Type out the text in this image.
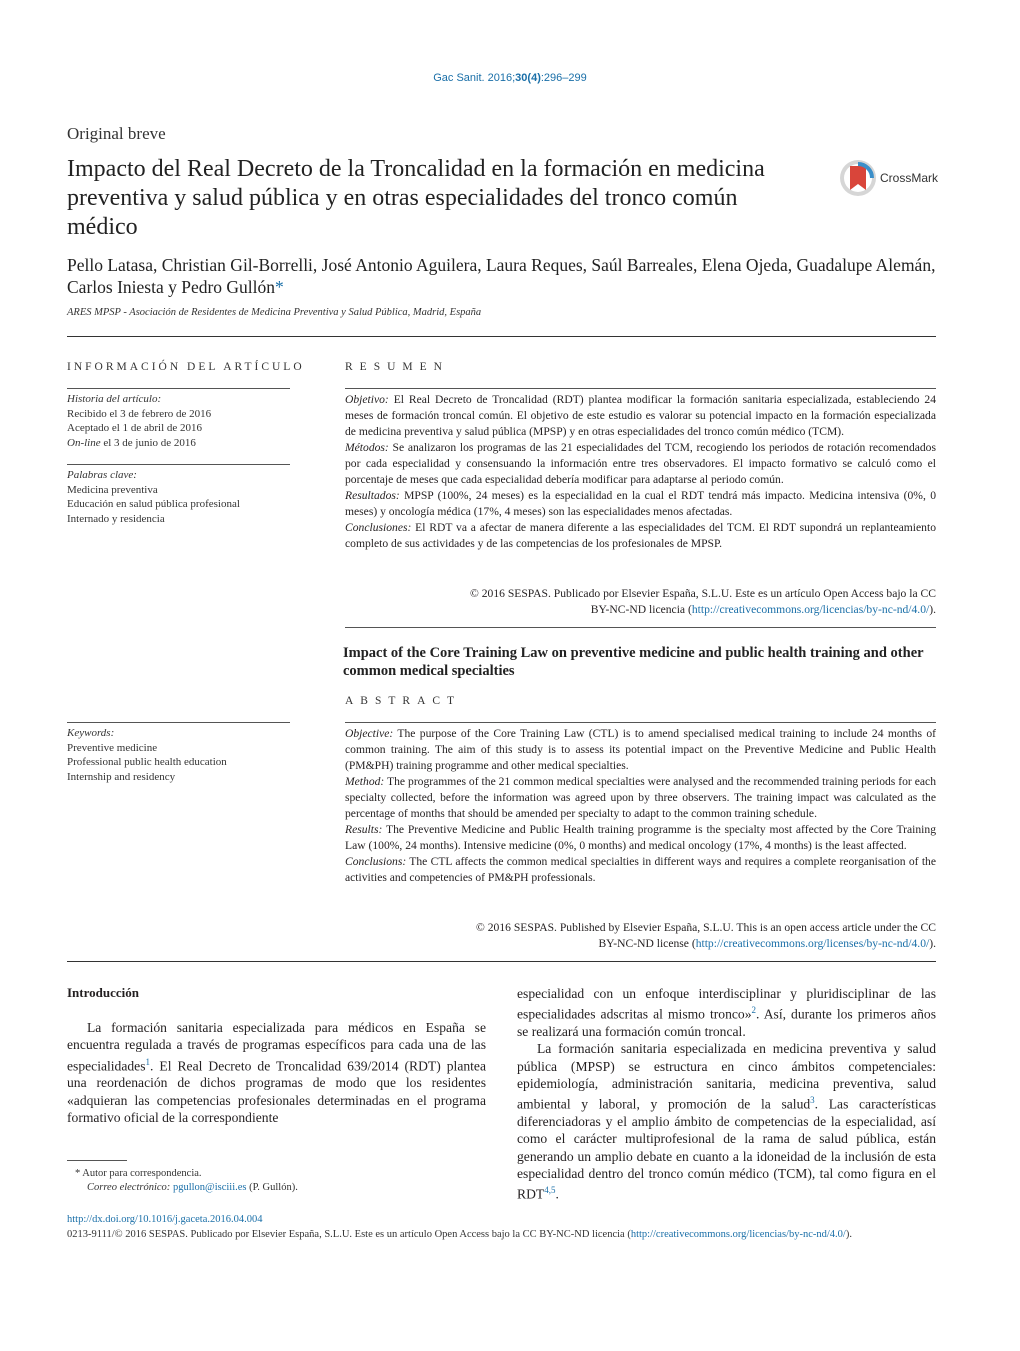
Gac Sanit. 2016;30(4):296–299
Original breve
Impacto del Real Decreto de la Troncalidad en la formación en medicina preventiva y salud pública y en otras especialidades del tronco común médico
CrossMark
Pello Latasa, Christian Gil-Borrelli, José Antonio Aguilera, Laura Reques, Saúl Barreales, Elena Ojeda, Guadalupe Alemán, Carlos Iniesta y Pedro Gullón*
ARES MPSP - Asociación de Residentes de Medicina Preventiva y Salud Pública, Madrid, España
INFORMACIÓN DEL ARTÍCULO
Historia del artículo:
Recibido el 3 de febrero de 2016
Aceptado el 1 de abril de 2016
On-line el 3 de junio de 2016
Palabras clave:
Medicina preventiva
Educación en salud pública profesional
Internado y residencia
Keywords:
Preventive medicine
Professional public health education
Internship and residency
RESUMEN

Objetivo: El Real Decreto de Troncalidad (RDT) plantea modificar la formación sanitaria especializada, estableciendo 24 meses de formación troncal común. El objetivo de este estudio es valorar su potencial impacto en la formación especializada de medicina preventiva y salud pública (MPSP) y en otras especialidades del tronco común médico (TCM).

Métodos: Se analizaron los programas de las 21 especialidades del TCM, recogiendo los periodos de rotación recomendados por cada especialidad y consensuando la información entre tres observadores. El impacto formativo se calculó como el porcentaje de meses que cada especialidad debería modificar para adaptarse al periodo común.

Resultados: MPSP (100%, 24 meses) es la especialidad en la cual el RDT tendrá más impacto. Medicina intensiva (0%, 0 meses) y oncología médica (17%, 4 meses) son las especialidades menos afectadas.

Conclusiones: El RDT va a afectar de manera diferente a las especialidades del TCM. El RDT supondrá un replanteamiento completo de sus actividades y de las competencias de los profesionales de MPSP.

© 2016 SESPAS. Publicado por Elsevier España, S.L.U. Este es un artículo Open Access bajo la CC
BY-NC-ND licencia (http://creativecommons.org/licencias/by-nc-nd/4.0/).
Impact of the Core Training Law on preventive medicine and public health training and other common medical specialties
ABSTRACT

Objective: The purpose of the Core Training Law (CTL) is to amend specialised medical training to include 24 months of common training. The aim of this study is to assess its potential impact on the Preventive Medicine and Public Health (PM&PH) training programme and other medical specialties.

Method: The programmes of the 21 common medical specialties were analysed and the recommended training periods for each specialty collected, before the information was agreed upon by three observers. The training impact was calculated as the percentage of months that should be amended per specialty to adapt to the common training schedule.

Results: The Preventive Medicine and Public Health training programme is the specialty most affected by the Core Training Law (100%, 24 months). Intensive medicine (0%, 0 months) and medical oncology (17%, 4 months) is the least affected.

Conclusions: The CTL affects the common medical specialties in different ways and requires a complete reorganisation of the activities and competencies of PM&PH professionals.

© 2016 SESPAS. Published by Elsevier España, S.L.U. This is an open access article under the CC
BY-NC-ND license (http://creativecommons.org/licenses/by-nc-nd/4.0/).
Introducción

La formación sanitaria especializada para médicos en España se encuentra regulada a través de programas específicos para cada una de las especialidades$^1$. El Real Decreto de Troncalidad 639/2014 (RDT) plantea una reordenación de dichos programas de modo que los residentes «adquieran las competencias profesionales determinadas en el programa formativo oficial de la correspondiente

especialidad con un enfoque interdisciplinar y pluridisciplinar de las especialidades adscritas al mismo tronco»$^2$. Así, durante los primeros años se realizará una formación común troncal.

La formación sanitaria especializada en medicina preventiva y salud pública (MPSP) se estructura en cinco ámbitos competenciales: epidemiología, administración sanitaria, medicina preventiva, salud ambiental y laboral, y promoción de la salud$^3$. Las características diferenciadoras y el amplio ámbito de competencias de la especialidad, así como el carácter multiprofesional de la rama de salud pública, están generando un amplio debate en cuanto a la idoneidad de la inclusión de esta especialidad dentro del tronco común médico (TCM), tal como figura en el RDT$^{4,5}$.

* Autor para correspondencia.
Correo electrónico: pgullon@isciii.es (P. Gullón).
http://dx.doi.org/10.1016/j.gaceta.2016.04.004
0213-9111/© 2016 SESPAS. Publicado por Elsevier España, S.L.U. Este es un artículo Open Access bajo la CC BY-NC-ND licencia (http://creativecommons.org/licencias/by-nc-nd/4.0/).
